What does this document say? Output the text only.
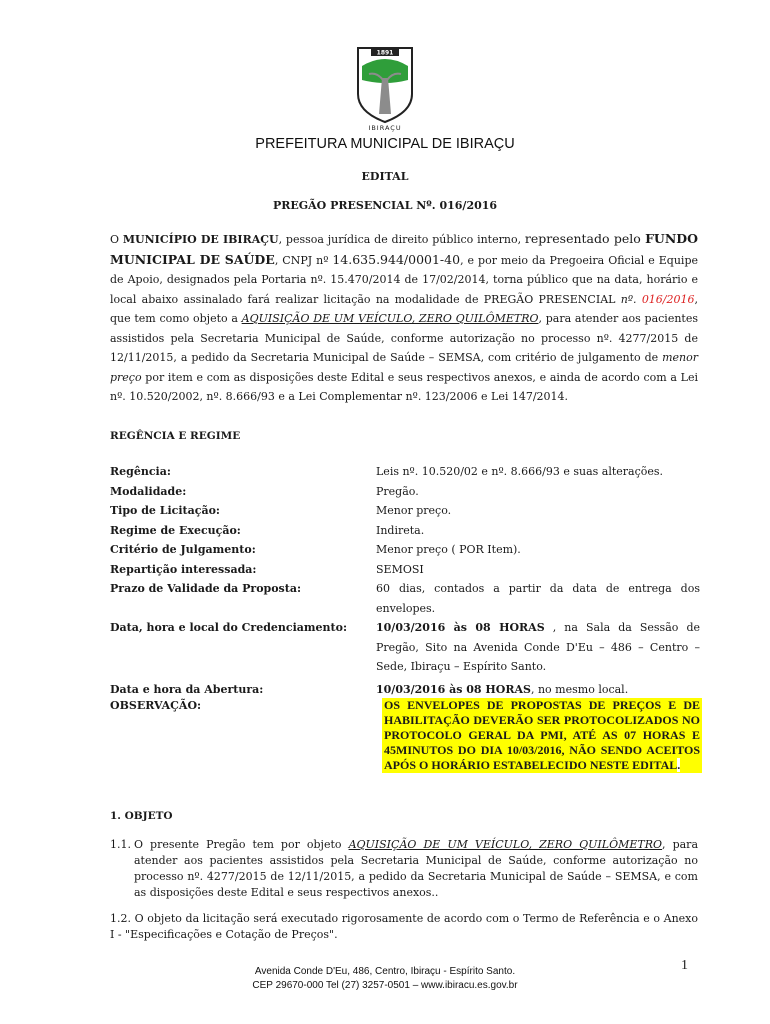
1891
IBIRAÇU
PREFEITURA MUNICIPAL DE IBIRAÇU
EDITAL
PREGÃO PRESENCIAL Nº. 016/2016
O MUNICÍPIO DE IBIRAÇU, pessoa jurídica de direito público interno, representado pelo FUNDO MUNICIPAL DE SAÚDE, CNPJ nº 14.635.944/0001-40, e por meio da Pregoeira Oficial e Equipe de Apoio, designados pela Portaria nº. 15.470/2014 de 17/02/2014, torna público que na data, horário e local abaixo assinalado fará realizar licitação na modalidade de PREGÃO PRESENCIAL nº. 016/2016, que tem como objeto a AQUISIÇÃO DE UM VEÍCULO, ZERO QUILÔMETRO, para atender aos pacientes assistidos pela Secretaria Municipal de Saúde, conforme autorização no processo nº. 4277/2015 de 12/11/2015, a pedido da Secretaria Municipal de Saúde – SEMSA, com critério de julgamento de menor preço por item e com as disposições deste Edital e seus respectivos anexos, e ainda de acordo com a Lei nº. 10.520/2002, nº. 8.666/93 e a Lei Complementar nº. 123/2006 e Lei 147/2014.
REGÊNCIA E REGIME
Regência:	Leis nº. 10.520/02 e nº. 8.666/93 e suas alterações.
Modalidade:	Pregão.
Tipo de Licitação:	Menor preço.
Regime de Execução:	Indireta.
Critério de Julgamento:	Menor preço ( POR Item).
Repartição interessada:	SEMOSI
Prazo de Validade da Proposta:	60 dias, contados a partir da data de entrega dos envelopes.
Data, hora e local do Credenciamento:	10/03/2016 às 08 HORAS , na Sala da Sessão de Pregão, Sito na Avenida Conde D'Eu – 486 – Centro – Sede, Ibiraçu – Espírito Santo.
Data e hora da Abertura:	10/03/2016 às 08 HORAS, no mesmo local.
OBSERVAÇÃO:	OS ENVELOPES DE PROPOSTAS DE PREÇOS E DE HABILITAÇÃO DEVERÃO SER PROTOCOLIZADOS NO PROTOCOLO GERAL DA PMI, ATÉ AS 07 HORAS E 45MINUTOS DO DIA 10/03/2016, NÃO SENDO ACEITOS APÓS O HORÁRIO ESTABELECIDO NESTE EDITAL.
1. OBJETO
1.1. O presente Pregão tem por objeto AQUISIÇÃO DE UM VEÍCULO, ZERO QUILÔMETRO, para atender aos pacientes assistidos pela Secretaria Municipal de Saúde, conforme autorização no processo nº. 4277/2015 de 12/11/2015, a pedido da Secretaria Municipal de Saúde – SEMSA, e com as disposições deste Edital e seus respectivos anexos..
1.2. O objeto da licitação será executado rigorosamente de acordo com o Termo de Referência e o Anexo I - "Especificações e Cotação de Preços".
1
Avenida Conde D'Eu, 486, Centro, Ibiraçu - Espírito Santo.
CEP 29670-000 Tel (27) 3257-0501 – www.ibiracu.es.gov.br
